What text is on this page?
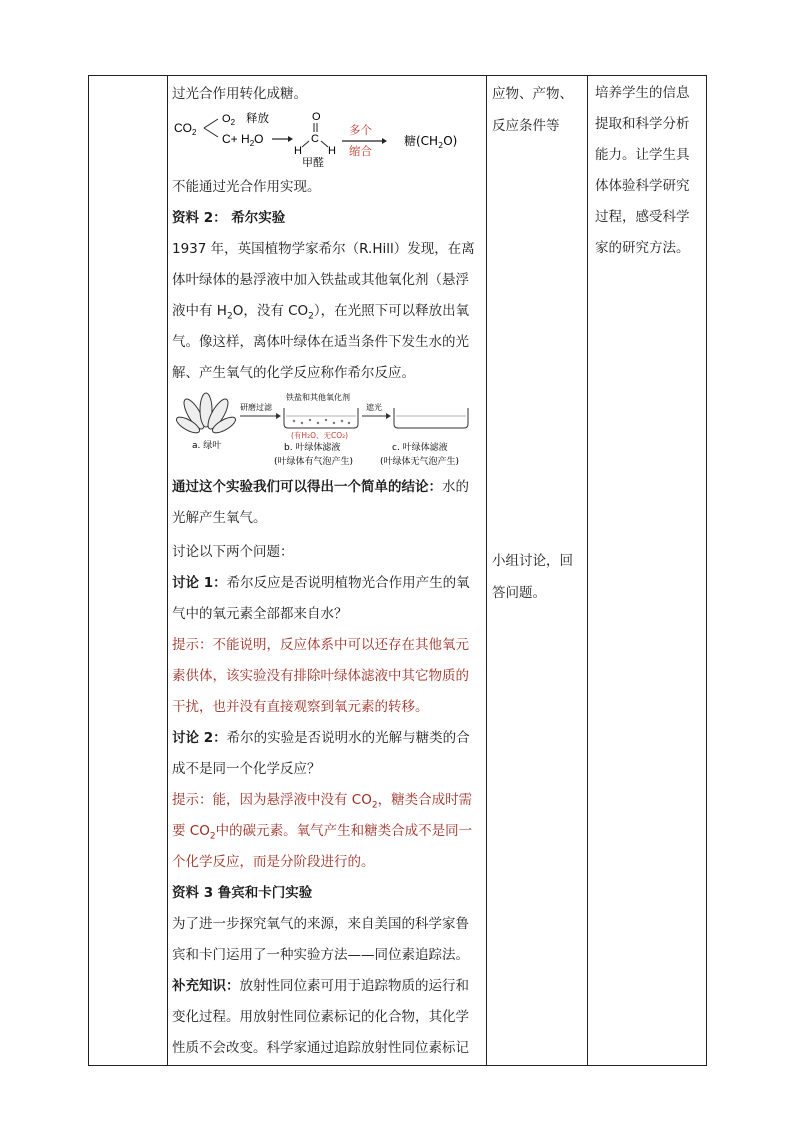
过光合作用转化成糖。
$CO_2$
$O_2$ 释放
$C+ H_2O$
O
C
H H
甲醛
多个
缩合
糖$(CH_2O)$
不能通过光合作用实现。
资料 2： 希尔实验
1937 年，英国植物学家希尔（R.Hill）发现，在离
体叶绿体的悬浮液中加入铁盐或其他氧化剂（悬浮
液中有 $H_2O$，没有 $CO_2$），在光照下可以释放出氧
气。像这样，离体叶绿体在适当条件下发生水的光
解、产生氧气的化学反应称作希尔反应。
a. 绿叶
研磨过滤
铁盐和其他氧化剂
(有H₂O、无CO₂)
b. 叶绿体滤液
(叶绿体有气泡产生)
遮光
c. 叶绿体滤液
(叶绿体无气泡产生)
通过这个实验我们可以得出一个简单的结论：水的
光解产生氧气。
讨论以下两个问题：
讨论 1：希尔反应是否说明植物光合作用产生的氧
气中的氧元素全部都来自水？
提示：不能说明，反应体系中可以还存在其他氧元
素供体，该实验没有排除叶绿体滤液中其它物质的
干扰，也并没有直接观察到氧元素的转移。
讨论 2：希尔的实验是否说明水的光解与糖类的合
成不是同一个化学反应？
提示：能，因为悬浮液中没有 $CO_2$，糖类合成时需
要 $CO_2$中的碳元素。氧气产生和糖类合成不是同一
个化学反应，而是分阶段进行的。
资料 3 鲁宾和卡门实验
为了进一步探究氧气的来源，来自美国的科学家鲁
宾和卡门运用了一种实验方法——同位素追踪法。
补充知识：放射性同位素可用于追踪物质的运行和
变化过程。用放射性同位素标记的化合物，其化学
性质不会改变。科学家通过追踪放射性同位素标记
应物、产物、
反应条件等
小组讨论，回
答问题。
培养学生的信息
提取和科学分析
能力。让学生具
体体验科学研究
过程，感受科学
家的研究方法。
